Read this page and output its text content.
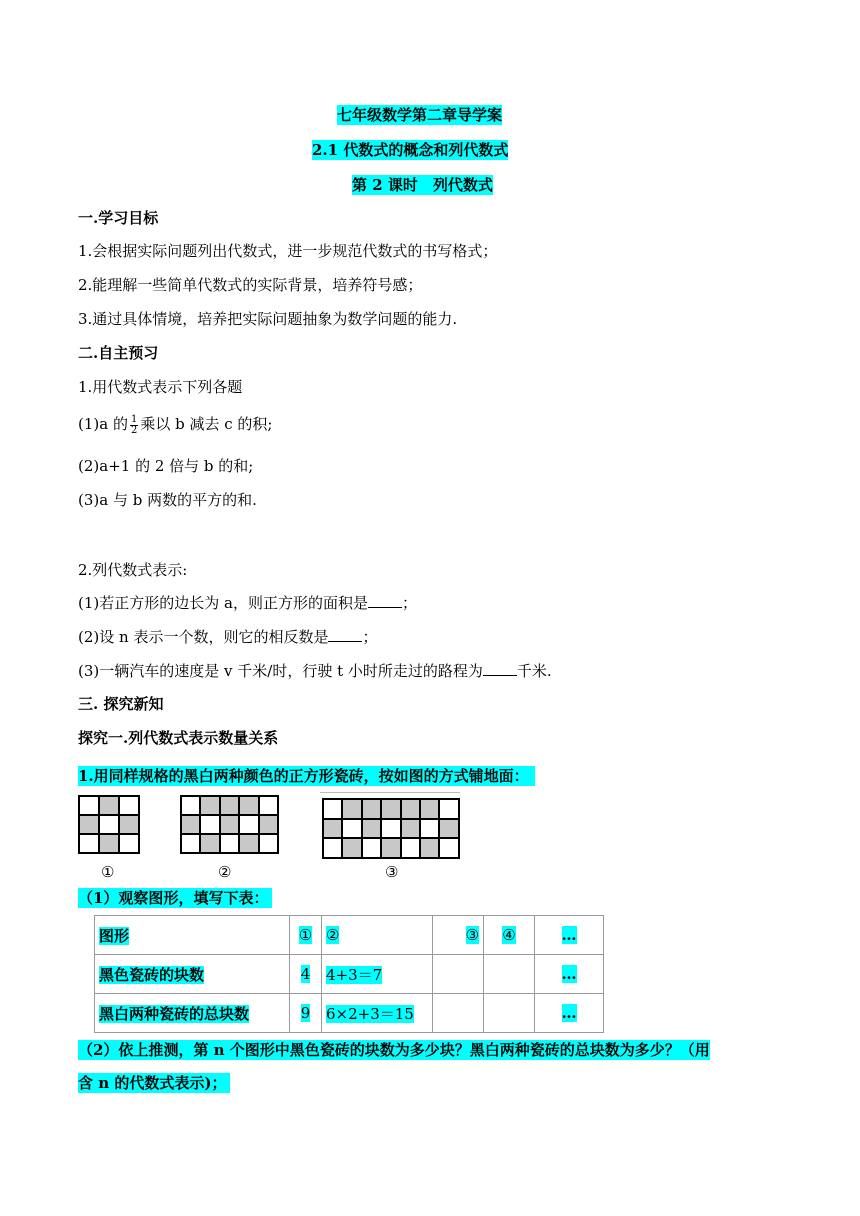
七年级数学第二章导学案
2.1 代数式的概念和列代数式
第 2 课时　列代数式
一.学习目标
1.会根据实际问题列出代数式，进一步规范代数式的书写格式；
2.能理解一些简单代数式的实际背景，培养符号感；
3.通过具体情境，培养把实际问题抽象为数学问题的能力.
二.自主预习
1.用代数式表示下列各题
(1)a 的 $\frac{1}{2}$ 乘以 b 减去 c 的积;
(2)a+1 的 2 倍与 b 的和;
(3)a 与 b 两数的平方的和.
2.列代数式表示:
(1)若正方形的边长为 a，则正方形的面积是 ；
(2)设 n 表示一个数，则它的相反数是 ；
(3)一辆汽车的速度是 v 千米/时，行驶 t 小时所走过的路程为 千米.
三. 探究新知
探究一.列代数式表示数量关系
1.用同样规格的黑白两种颜色的正方形瓷砖，按如图的方式铺地面：
①	②	③
（1）观察图形，填写下表：
图形	①	②	③	④	…
黑色瓷砖的块数	4	4+3＝7			…
黑白两种瓷砖的总块数	9	6×2+3＝15			…
（2）依上推测，第 n 个图形中黑色瓷砖的块数为多少块？黑白两种瓷砖的总块数为多少？（用
含 n 的代数式表示)；
